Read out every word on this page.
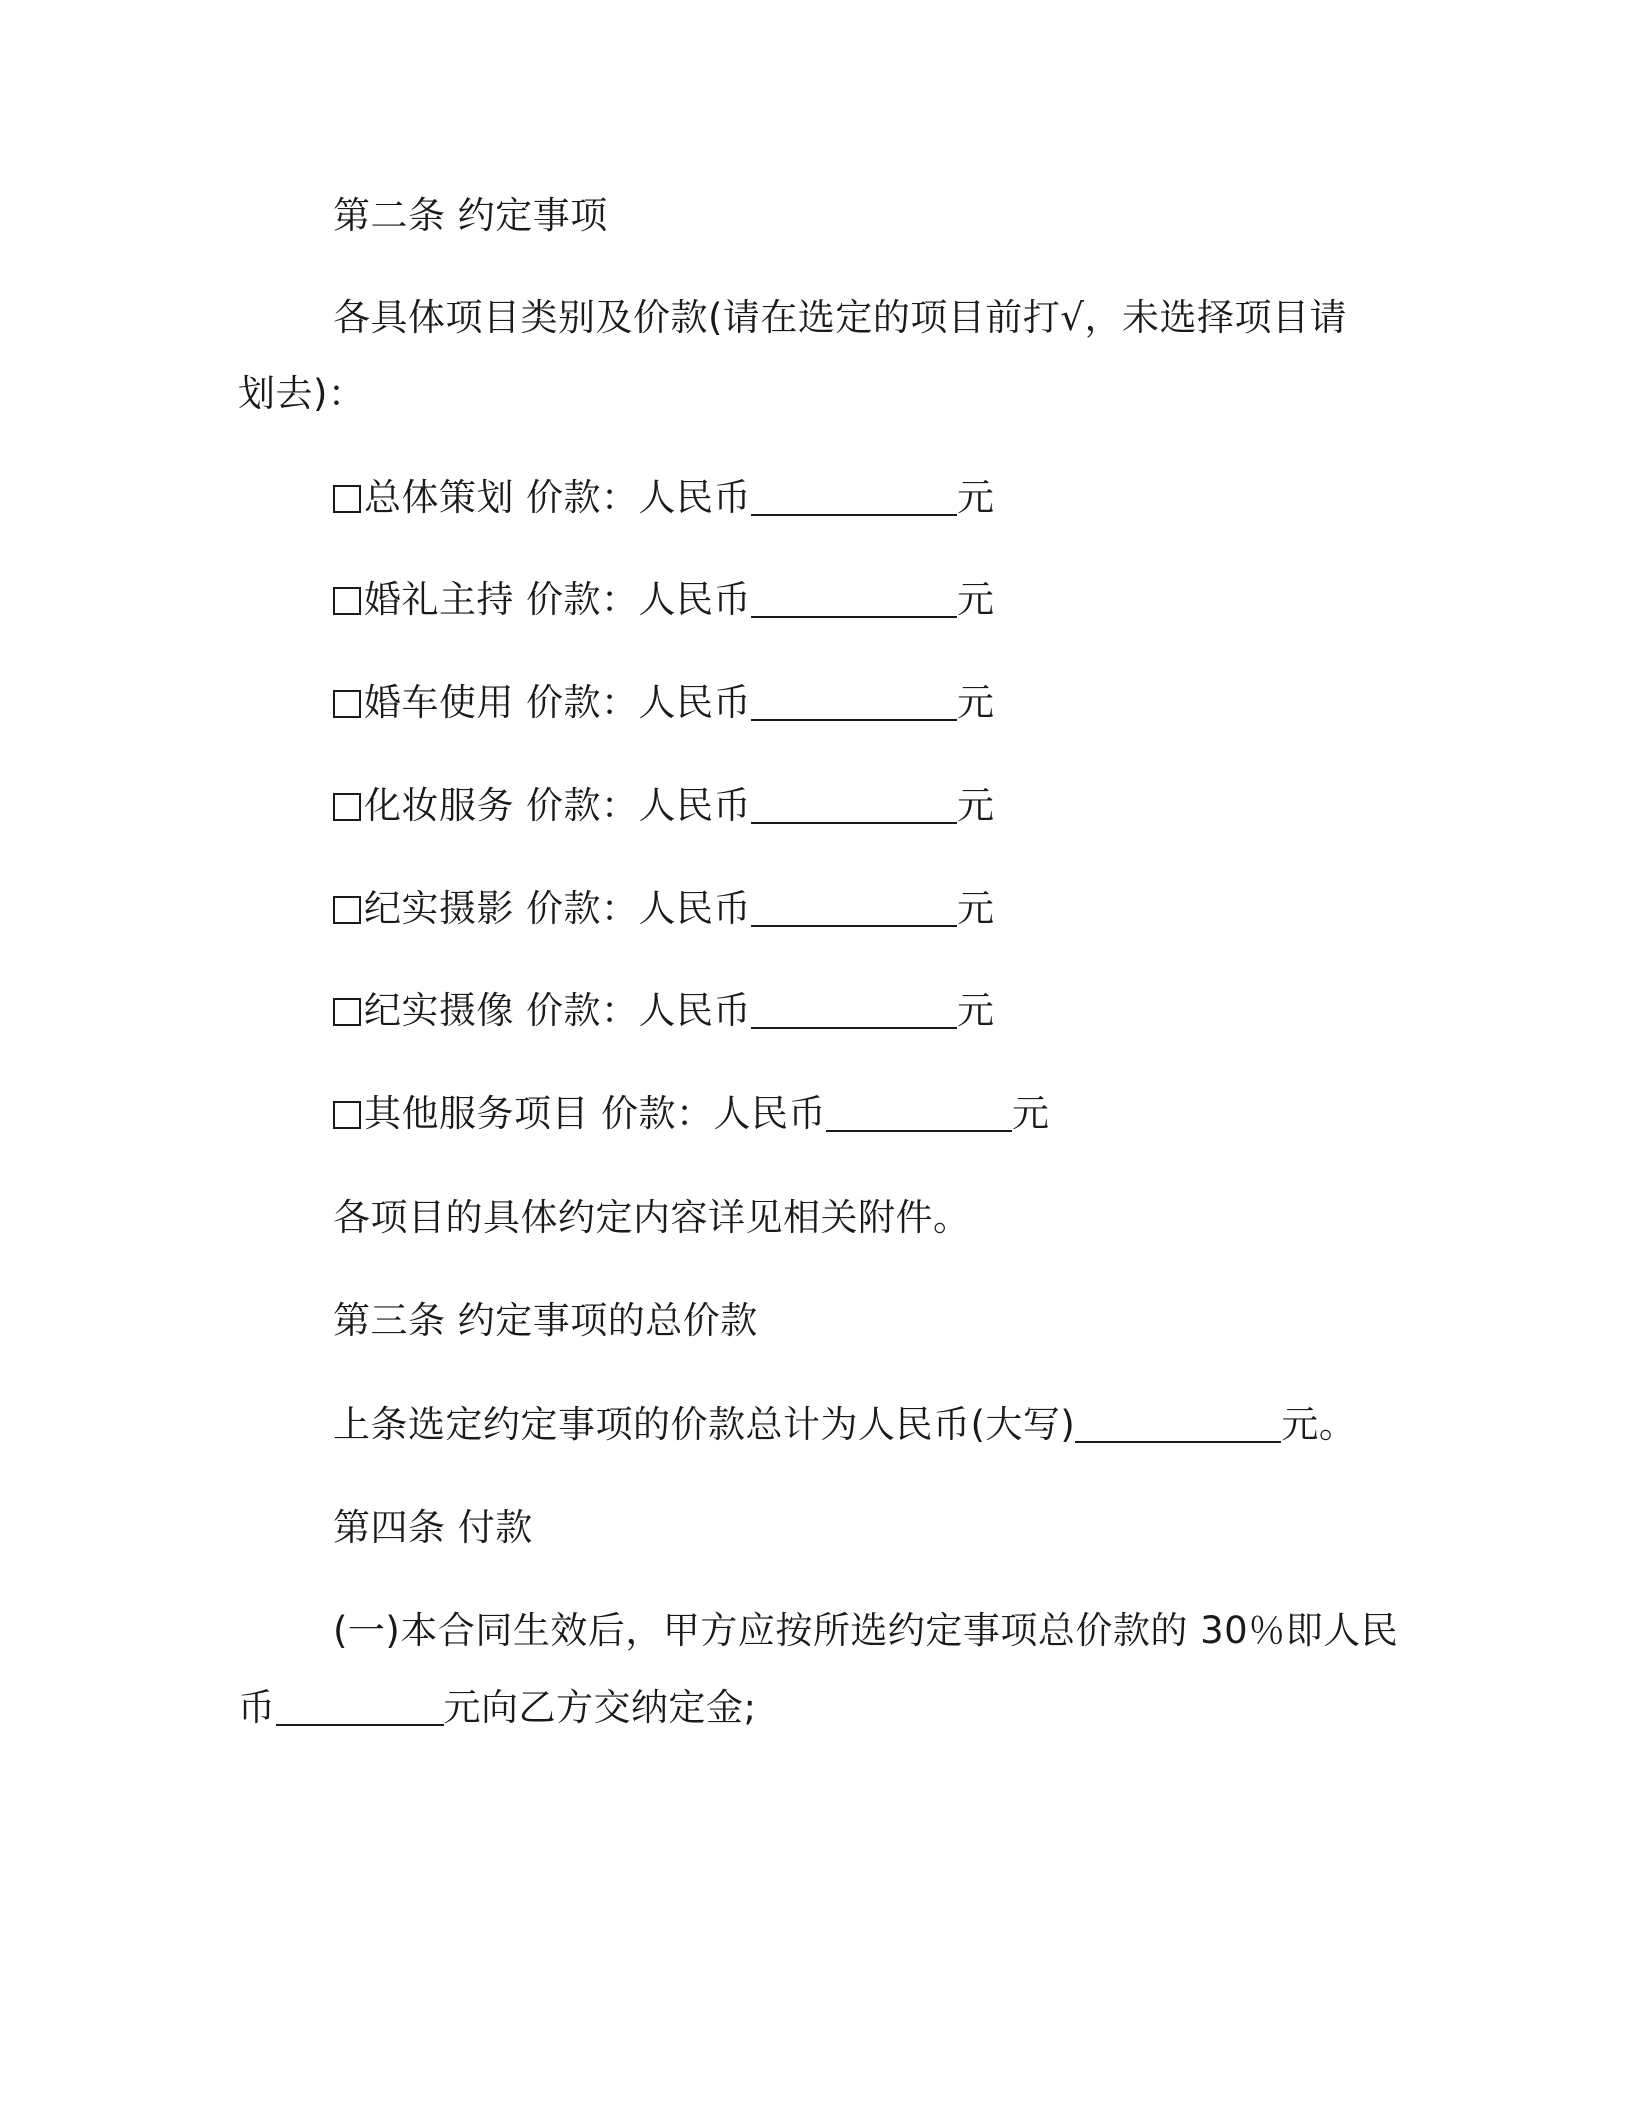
第二条 约定事项
各具体项目类别及价款(请在选定的项目前打√，未选择项目请
划去)：
总体策划 价款：人民币	元
婚礼主持 价款：人民币	元
婚车使用 价款：人民币	元
化妆服务 价款：人民币	元
纪实摄影 价款：人民币	元
纪实摄像 价款：人民币	元
其他服务项目 价款：人民币	元
各项目的具体约定内容详见相关附件。
第三条 约定事项的总价款
上条选定约定事项的价款总计为人民币(大写)	元。
第四条 付款
(一)本合同生效后，甲方应按所选约定事项总价款的 30％即人民
币	元向乙方交纳定金;
